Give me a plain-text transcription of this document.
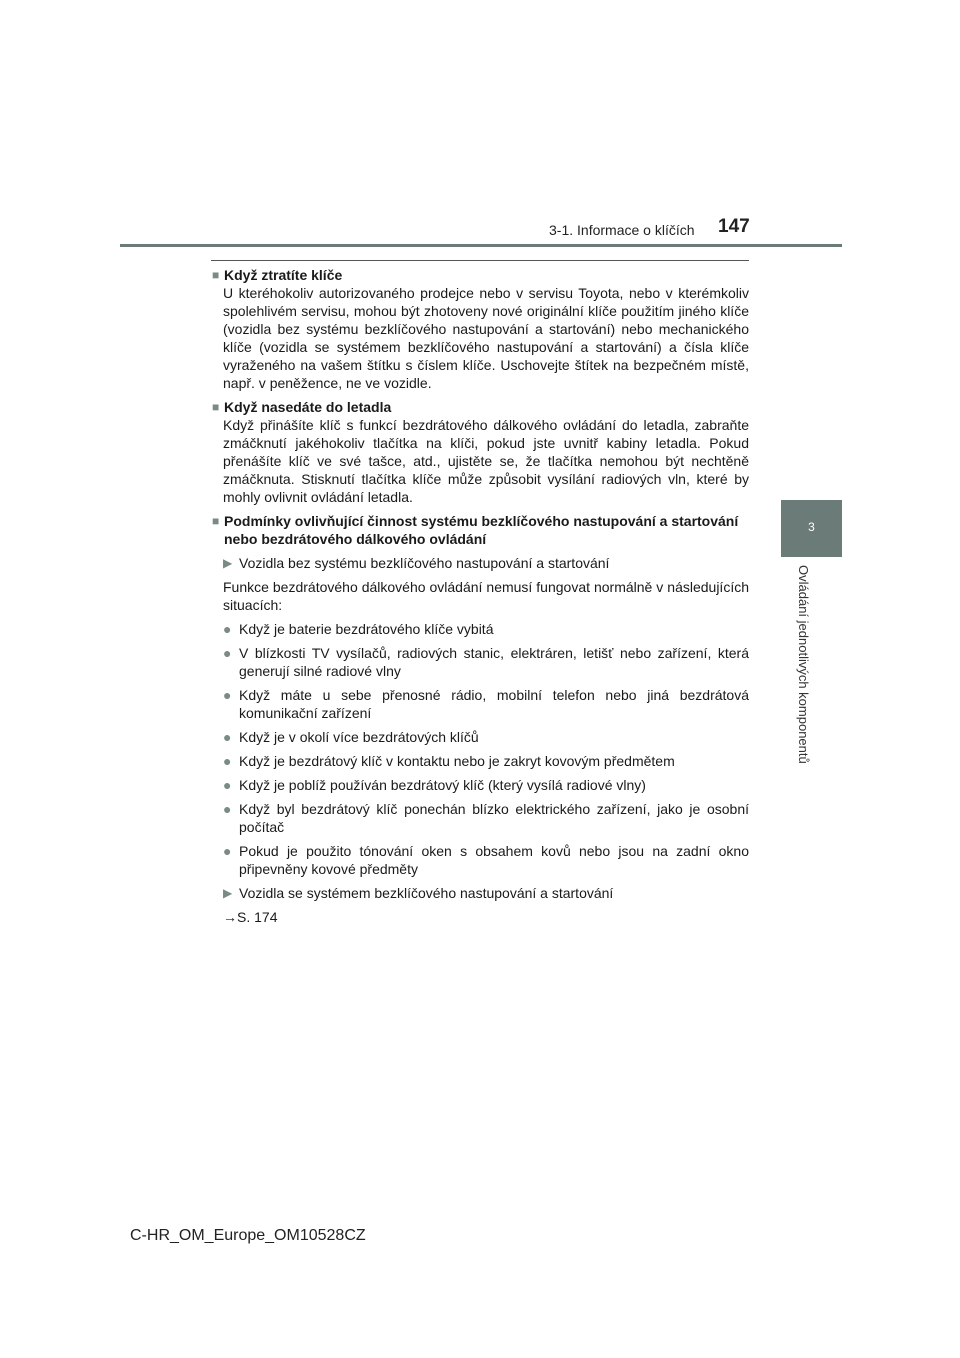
3-1. Informace o klíčích 147
3
Ovládání jednotlivých komponentů
■ Když ztratíte klíče
U kteréhokoliv autorizovaného prodejce nebo v servisu Toyota, nebo v kterémkoliv spolehlivém servisu, mohou být zhotoveny nové originální klíče použitím jiného klíče (vozidla bez systému bezklíčového nastupování a startování) nebo mechanického klíče (vozidla se systémem bezklíčového nastupování a startování) a čísla klíče vyraženého na vašem štítku s číslem klíče. Uschovejte štítek na bezpečném místě, např. v peněžence, ne ve vozidle.
■ Když nasedáte do letadla
Když přinášíte klíč s funkcí bezdrátového dálkového ovládání do letadla, zabraňte zmáčknutí jakéhokoliv tlačítka na klíči, pokud jste uvnitř kabiny letadla. Pokud přenášíte klíč ve své tašce, atd., ujistěte se, že tlačítka nemohou být nechtěně zmáčknuta. Stisknutí tlačítka klíče může způsobit vysílání radiových vln, které by mohly ovlivnit ovládání letadla.
■ Podmínky ovlivňující činnost systému bezklíčového nastupování a startování nebo bezdrátového dálkového ovládání
▶ Vozidla bez systému bezklíčového nastupování a startování
Funkce bezdrátového dálkového ovládání nemusí fungovat normálně v následujících situacích:
● Když je baterie bezdrátového klíče vybitá
● V blízkosti TV vysílačů, radiových stanic, elektráren, letišť nebo zařízení, která generují silné radiové vlny
● Když máte u sebe přenosné rádio, mobilní telefon nebo jiná bezdrátová komunikační zařízení
● Když je v okolí více bezdrátových klíčů
● Když je bezdrátový klíč v kontaktu nebo je zakryt kovovým předmětem
● Když je poblíž používán bezdrátový klíč (který vysílá radiové vlny)
● Když byl bezdrátový klíč ponechán blízko elektrického zařízení, jako je osobní počítač
● Pokud je použito tónování oken s obsahem kovů nebo jsou na zadní okno připevněny kovové předměty
▶ Vozidla se systémem bezklíčového nastupování a startování
→S. 174
C-HR_OM_Europe_OM10528CZ
